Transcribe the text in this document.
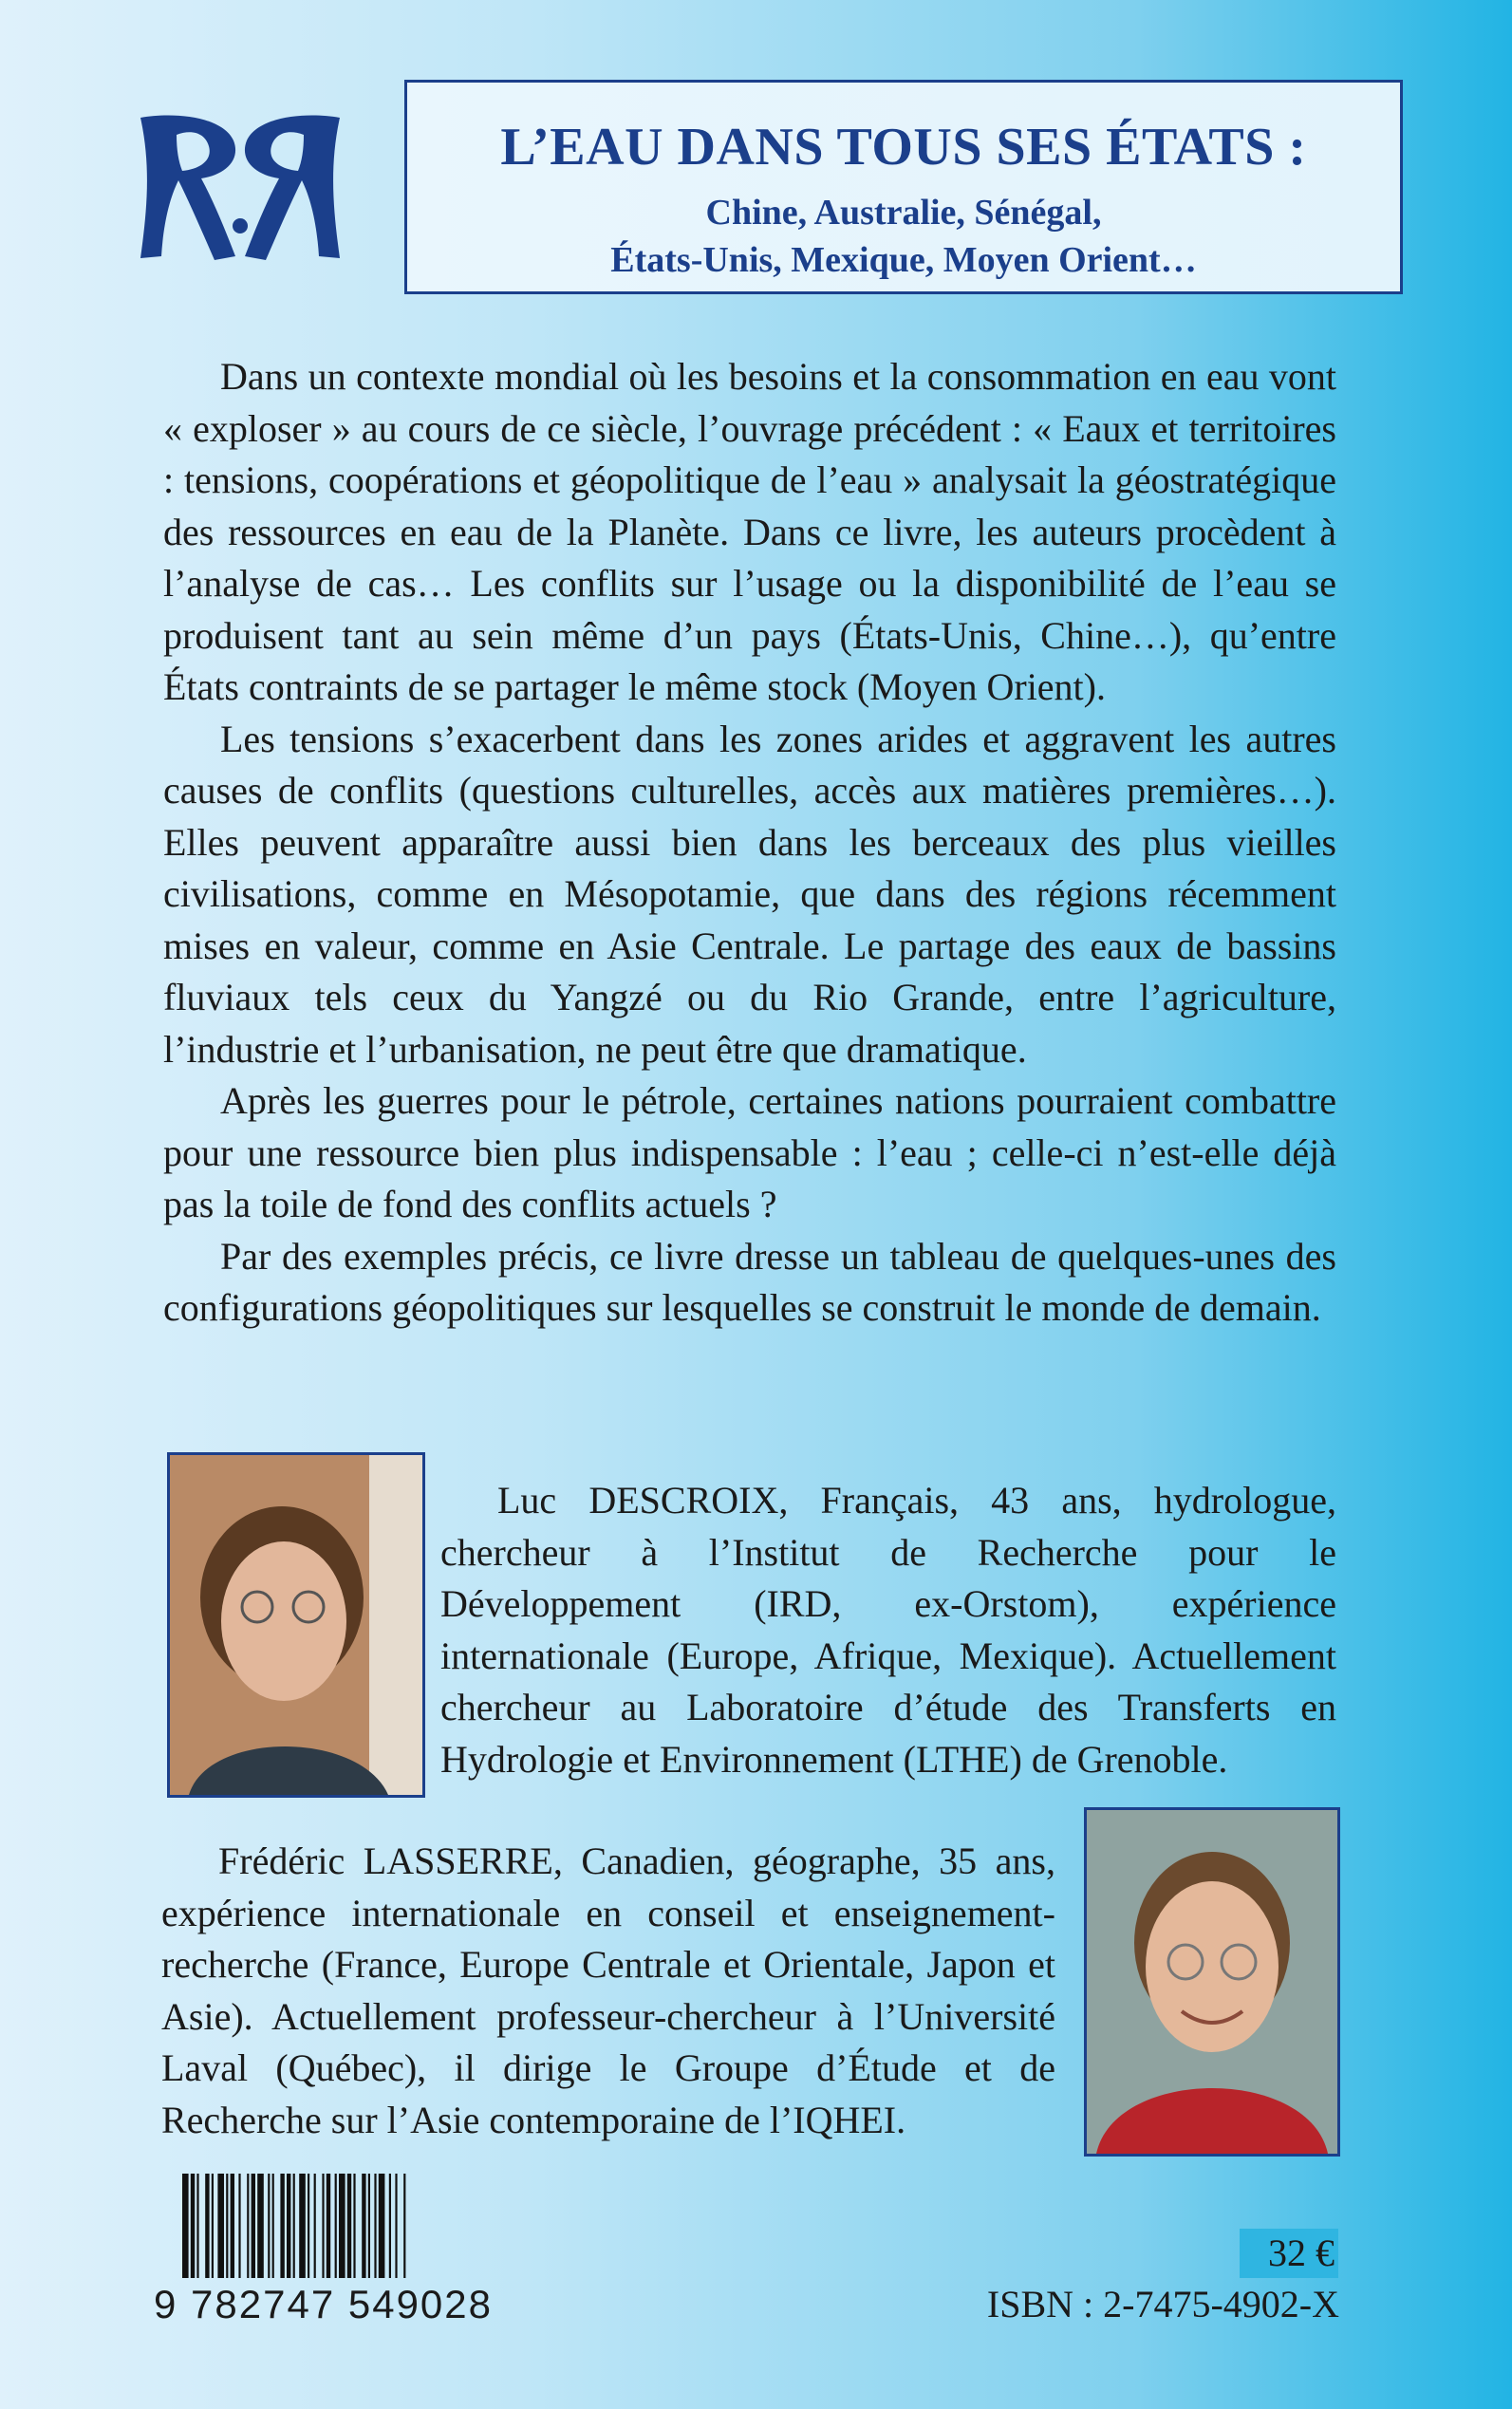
L’EAU DANS TOUS SES ÉTATS :
Chine, Australie, Sénégal,
États-Unis, Mexique, Moyen Orient…

Dans un contexte mondial où les besoins et la consommation en eau vont « exploser » au cours de ce siècle, l’ouvrage précédent : « Eaux et territoires : tensions, coopérations et géopolitique de l’eau » analysait la géostratégique des ressources en eau de la Planète. Dans ce livre, les auteurs procèdent à l’analyse de cas… Les conflits sur l’usage ou la disponibilité de l’eau se produisent tant au sein même d’un pays (États-Unis, Chine…), qu’entre États contraints de se partager le même stock (Moyen Orient).

Les tensions s’exacerbent dans les zones arides et aggravent les autres causes de conflits (questions culturelles, accès aux matières premières…). Elles peuvent apparaître aussi bien dans les berceaux des plus vieilles civilisations, comme en Mésopotamie, que dans des régions récemment mises en valeur, comme en Asie Centrale. Le partage des eaux de bassins fluviaux tels ceux du Yangzé ou du Rio Grande, entre l’agriculture, l’industrie et l’urbanisation, ne peut être que dramatique.

Après les guerres pour le pétrole, certaines nations pourraient combattre pour une ressource bien plus indispensable : l’eau ; celle-ci n’est-elle déjà pas la toile de fond des conflits actuels ?

Par des exemples précis, ce livre dresse un tableau de quelques-unes des configurations géopolitiques sur lesquelles se construit le monde de demain.

Luc DESCROIX, Français, 43 ans, hydrologue, chercheur à l’Institut de Recherche pour le Développement (IRD, ex-Orstom), expérience internationale (Europe, Afrique, Mexique). Actuellement chercheur au Laboratoire d’étude des Transferts en Hydrologie et Environnement (LTHE) de Grenoble.

Frédéric LASSERRE, Canadien, géographe, 35 ans, expérience internationale en conseil et enseignement-recherche (France, Europe Centrale et Orientale, Japon et Asie). Actuellement professeur-chercheur à l’Université Laval (Québec), il dirige le Groupe d’Étude et de Recherche sur l’Asie contemporaine de l’IQHEI.

9 782747 549028
32 €
ISBN : 2-7475-4902-X
